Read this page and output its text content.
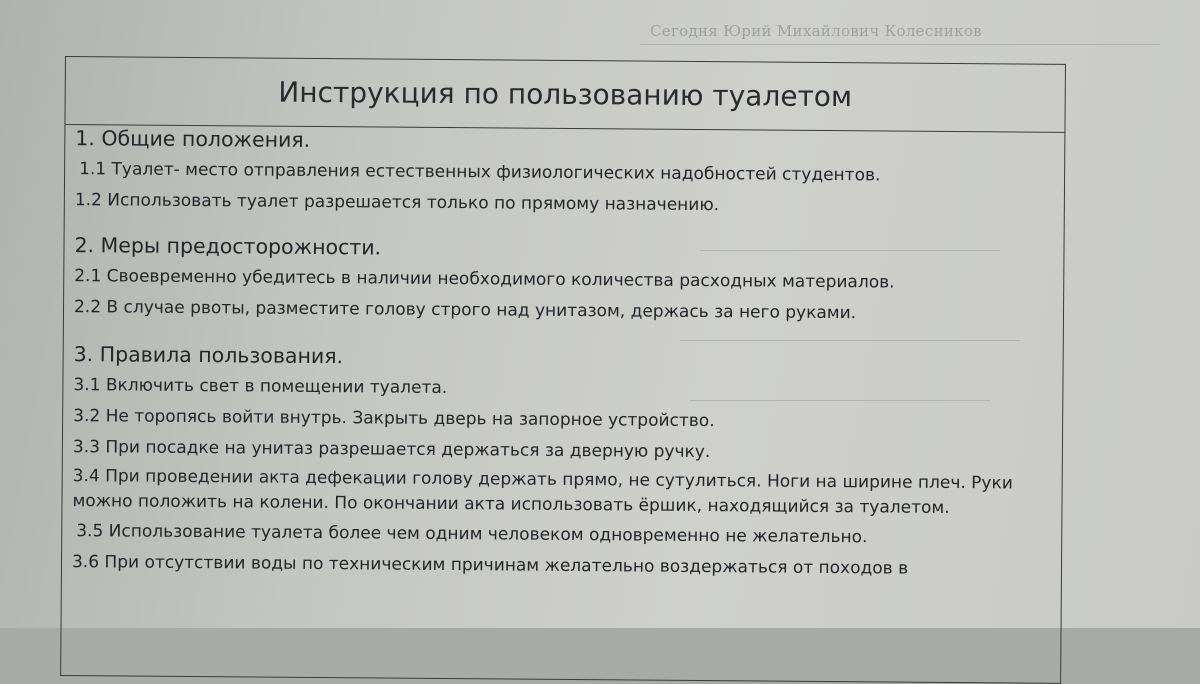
Сегодня Юрий Михайлович Колесников
Инструкция по пользованию туалетом

1. Общие положения.

1.1 Туалет- место отправления естественных физиологических надобностей студентов.

1.2 Использовать туалет разрешается только по прямому назначению.

2. Меры предосторожности.

2.1 Своевременно убедитесь в наличии необходимого количества расходных материалов.

2.2 В случае рвоты, разместите голову строго над унитазом, держась за него руками.

3. Правила пользования.

3.1 Включить свет в помещении туалета.

3.2 Не торопясь войти внутрь. Закрыть дверь на запорное устройство.

3.3 При посадке на унитаз разрешается держаться за дверную ручку.

3.4 При проведении акта дефекации голову держать прямо, не сутулиться. Ноги на ширине плеч. Руки можно положить на колени. По окончании акта использовать ёршик, находящийся за туалетом.

3.5 Использование туалета более чем одним человеком одновременно не желательно.

3.6 При отсутствии воды по техническим причинам желательно воздержаться от походов в
